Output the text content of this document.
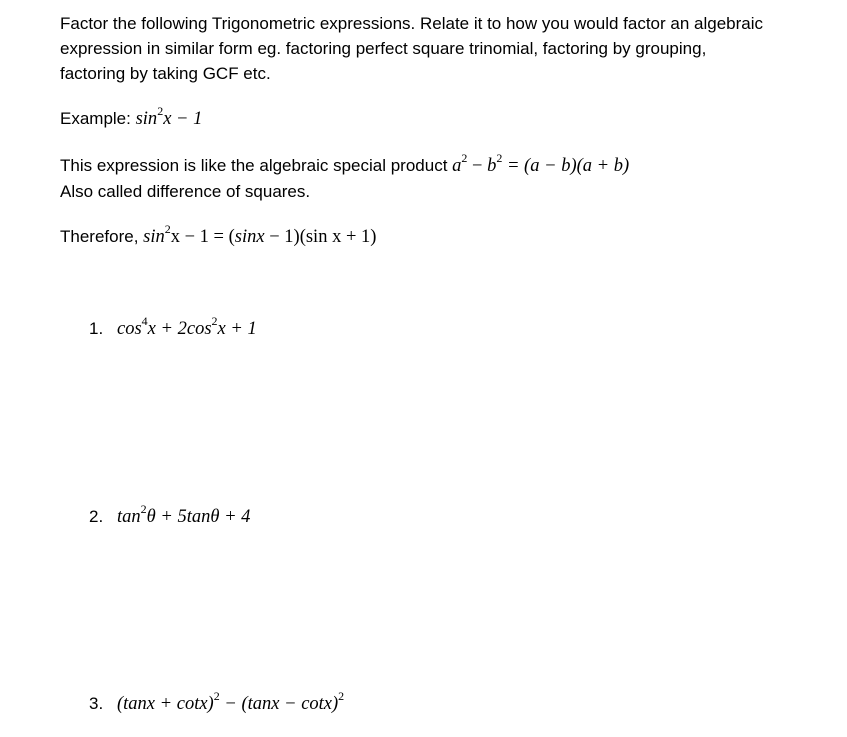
Factor the following Trigonometric expressions. Relate it to how you would factor an algebraic
expression in similar form eg. factoring perfect square trinomial, factoring by grouping,
factoring by taking GCF etc.

Example: $\sin^2x - 1$

This expression is like the algebraic special product $a^2 - b^2 = (a - b)(a + b)$
Also called difference of squares.

Therefore, $\sin^2x - 1 = (\sin x - 1)(\sin$ x + 1)

1. $\cos^4x + 2\cos^2x + 1$
2. $\tan^2\theta + 5\tan\theta + 4$
3. $(\tan x + \cot x)^2 - (\tan x - \cot x)^2$
